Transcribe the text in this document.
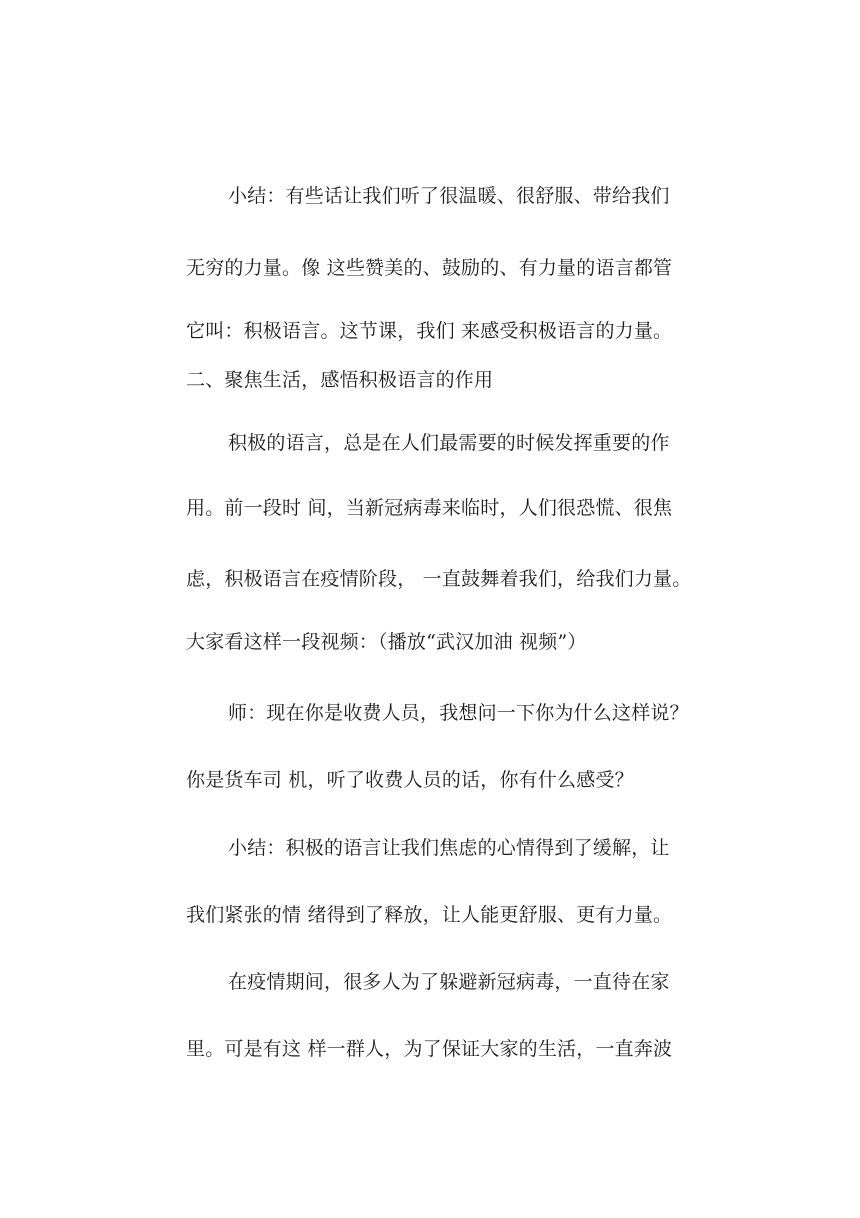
小结：有些话让我们听了很温暖、很舒服、带给我们
无穷的力量。像 这些赞美的、鼓励的、有力量的语言都管
它叫：积极语言。这节课，我们 来感受积极语言的力量。
二、聚焦生活，感悟积极语言的作用
积极的语言，总是在人们最需要的时候发挥重要的作
用。前一段时 间，当新冠病毒来临时，人们很恐慌、很焦
虑，积极语言在疫情阶段， 一直鼓舞着我们，给我们力量。
大家看这样一段视频：（播放“武汉加油 视频”）
师：现在你是收费人员，我想问一下你为什么这样说？
你是货车司 机，听了收费人员的话，你有什么感受？
小结：积极的语言让我们焦虑的心情得到了缓解，让
我们紧张的情 绪得到了释放，让人能更舒服、更有力量。
在疫情期间，很多人为了躲避新冠病毒，一直待在家
里。可是有这 样一群人，为了保证大家的生活，一直奔波
